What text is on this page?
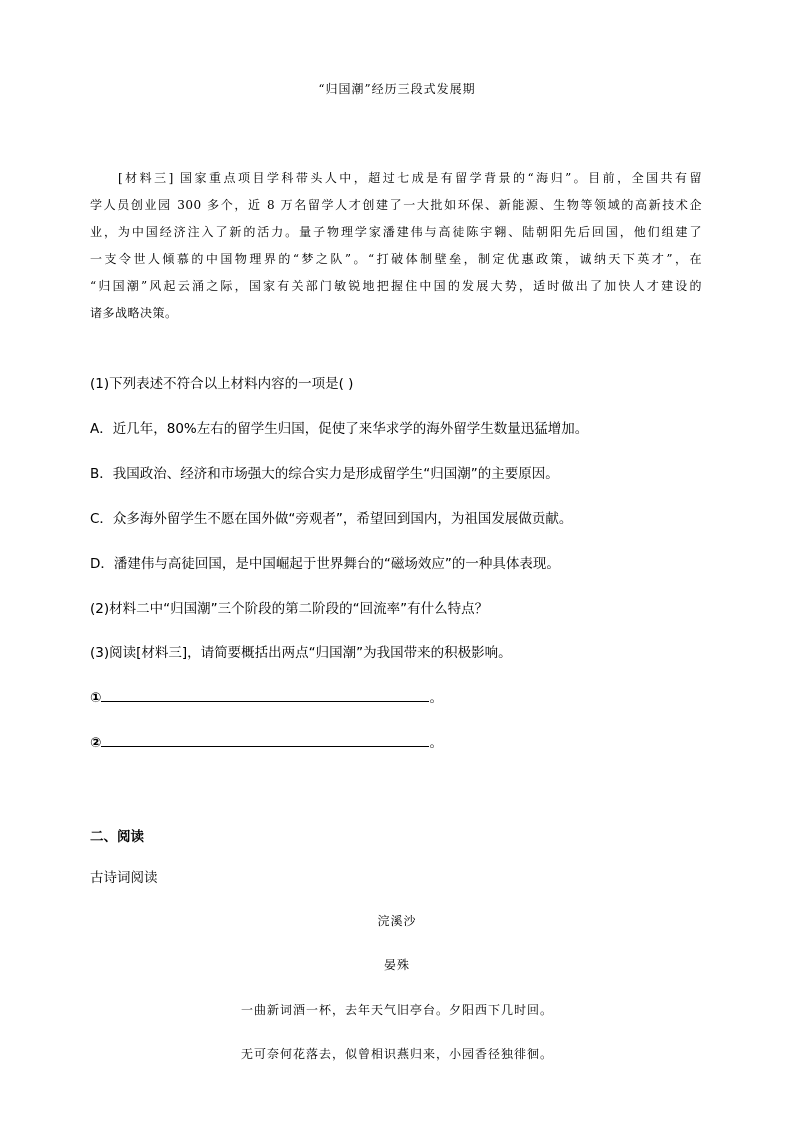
“归国潮”经历三段式发展期
[材料三] 国家重点项目学科带头人中，超过七成是有留学背景的“海归”。目前，全国共有留
学人员创业园 300 多个，近 8 万名留学人才创建了一大批如环保、新能源、生物等领域的高新技术企
业，为中国经济注入了新的活力。量子物理学家潘建伟与高徒陈宇翱、陆朝阳先后回国，他们组建了
一支令世人倾慕的中国物理界的“梦之队”。“打破体制壁垒，制定优惠政策，诚纳天下英才”，在
“归国潮”风起云涌之际，国家有关部门敏锐地把握住中国的发展大势，适时做出了加快人才建设的
诸多战略决策。
(1)下列表述不符合以上材料内容的一项是( )
A．近几年，80%左右的留学生归国，促使了来华求学的海外留学生数量迅猛增加。
B．我国政治、经济和市场强大的综合实力是形成留学生“归国潮”的主要原因。
C．众多海外留学生不愿在国外做“旁观者”，希望回到国内，为祖国发展做贡献。
D．潘建伟与高徒回国，是中国崛起于世界舞台的“磁场效应”的一种具体表现。
(2)材料二中“归国潮”三个阶段的第二阶段的“回流率”有什么特点？
(3)阅读[材料三]，请简要概括出两点“归国潮”为我国带来的积极影响。
①	。
②	。
二、阅读
古诗词阅读
浣溪沙
晏殊
一曲新词酒一杯，去年天气旧亭台。夕阳西下几时回。
无可奈何花落去，似曾相识燕归来，小园香径独徘徊。
